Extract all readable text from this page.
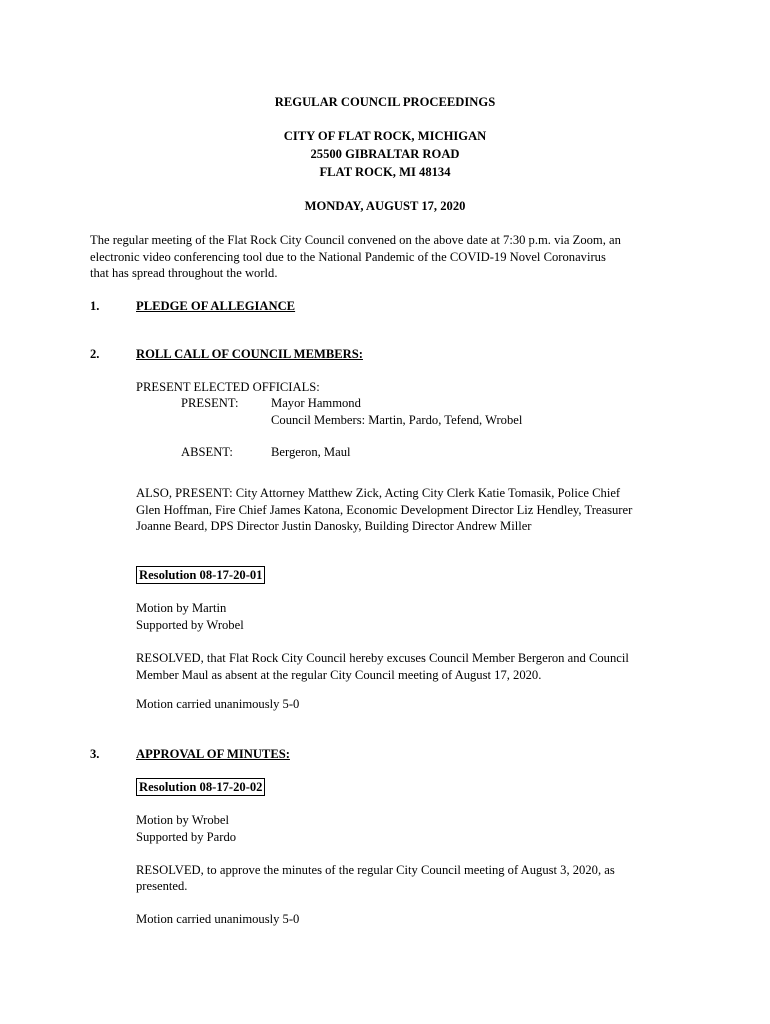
REGULAR COUNCIL PROCEEDINGS

CITY OF FLAT ROCK, MICHIGAN

25500 GIBRALTAR ROAD

FLAT ROCK, MI 48134

MONDAY, AUGUST 17, 2020

The regular meeting of the Flat Rock City Council convened on the above date at 7:30 p.m. via Zoom, an

electronic video conferencing tool due to the National Pandemic of the COVID-19 Novel Coronavirus

that has spread throughout the world.

1.	PLEDGE OF ALLEGIANCE

2.	ROLL CALL OF COUNCIL MEMBERS:

PRESENT ELECTED OFFICIALS:

PRESENT:	Mayor Hammond

Council Members: Martin, Pardo, Tefend, Wrobel

ABSENT:	Bergeron, Maul

ALSO, PRESENT: City Attorney Matthew Zick, Acting City Clerk Katie Tomasik, Police Chief

Glen Hoffman, Fire Chief James Katona, Economic Development Director Liz Hendley, Treasurer

Joanne Beard, DPS Director Justin Danosky, Building Director Andrew Miller

Resolution 08-17-20-01

Motion by Martin

Supported by Wrobel

RESOLVED, that Flat Rock City Council hereby excuses Council Member Bergeron and Council

Member Maul as absent at the regular City Council meeting of August 17, 2020.

Motion carried unanimously 5-0

3.	APPROVAL OF MINUTES:

Resolution 08-17-20-02

Motion by Wrobel

Supported by Pardo

RESOLVED, to approve the minutes of the regular City Council meeting of August 3, 2020, as

presented.

Motion carried unanimously 5-0
